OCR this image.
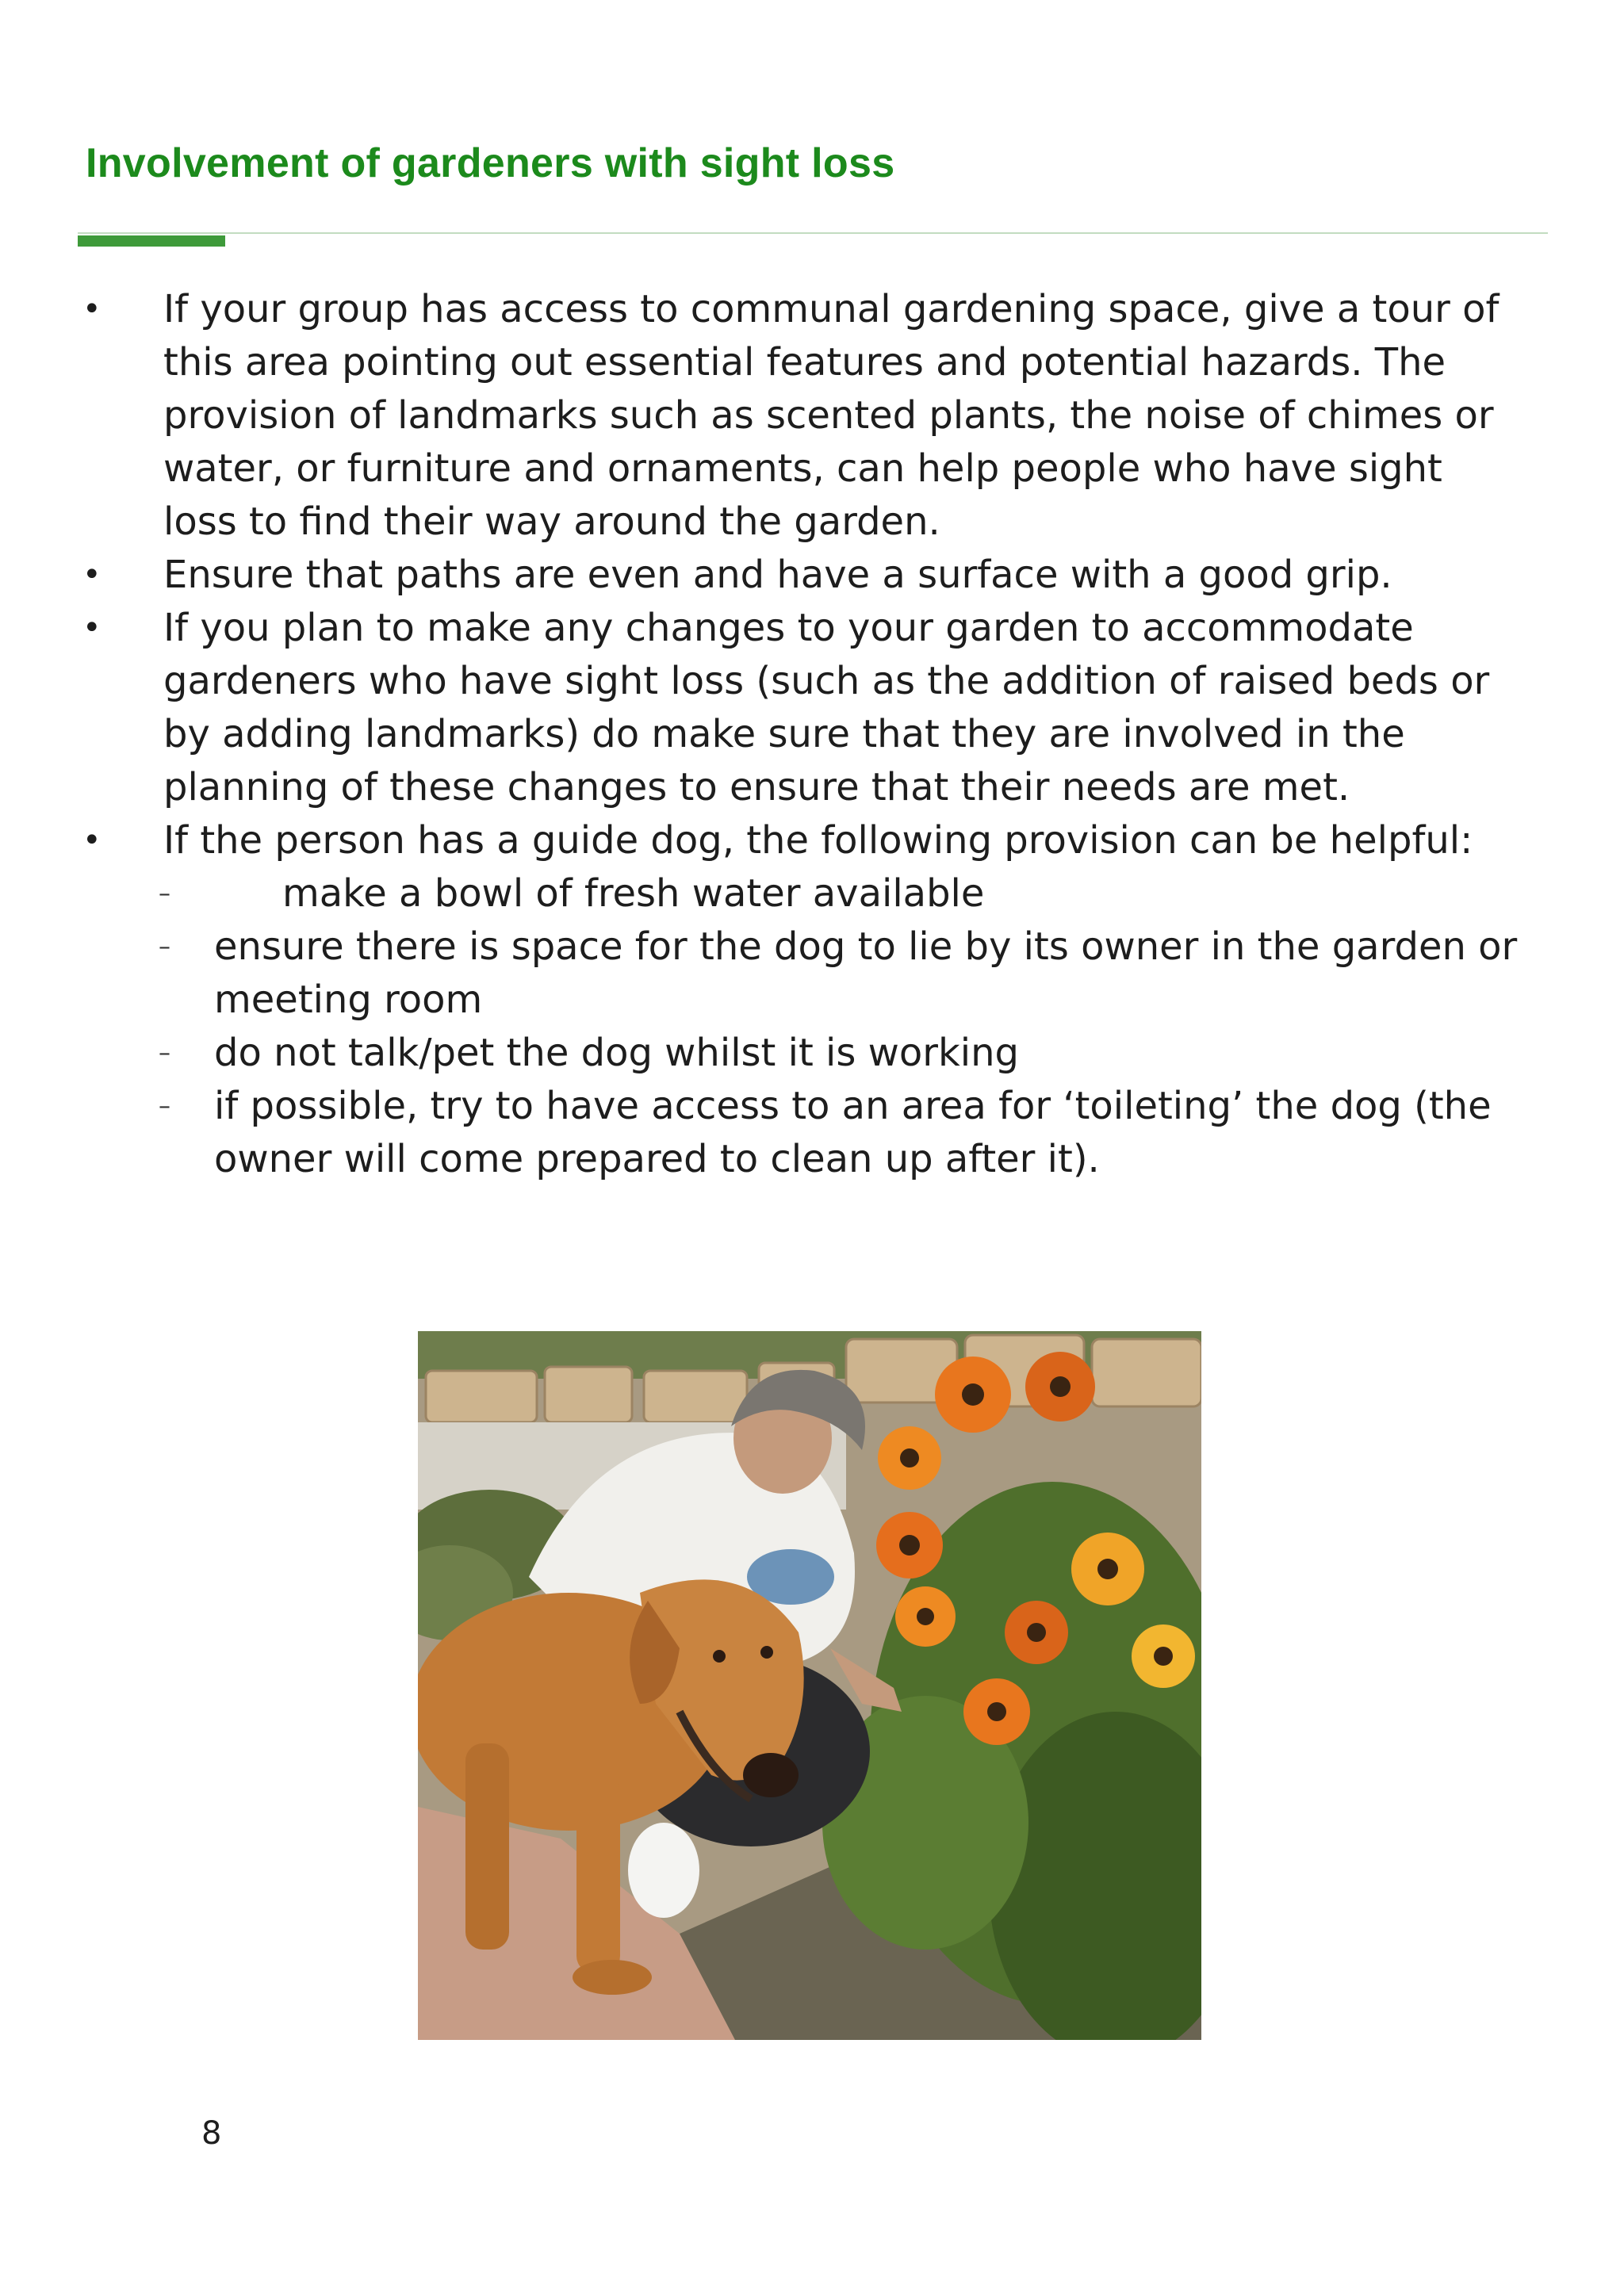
Involvement of gardeners with sight loss
• If your group has access to communal gardening space, give a tour of this area pointing out essential features and potential hazards. The provision of landmarks such as scented plants, the noise of chimes or water, or furniture and ornaments, can help people who have sight loss to find their way around the garden.
• Ensure that paths are even and have a surface with a good grip.
• If you plan to make any changes to your garden to accommodate gardeners who have sight loss (such as the addition of raised beds or by adding landmarks) do make sure that they are involved in the planning of these changes to ensure that their needs are met.
• If the person has a guide dog, the following provision can be helpful:
–	make a bowl of fresh water available
– ensure there is space for the dog to lie by its owner in the garden or meeting room
– do not talk/pet the dog whilst it is working
– if possible, try to have access to an area for ‘toileting’ the dog (the owner will come prepared to clean up after it).
8
